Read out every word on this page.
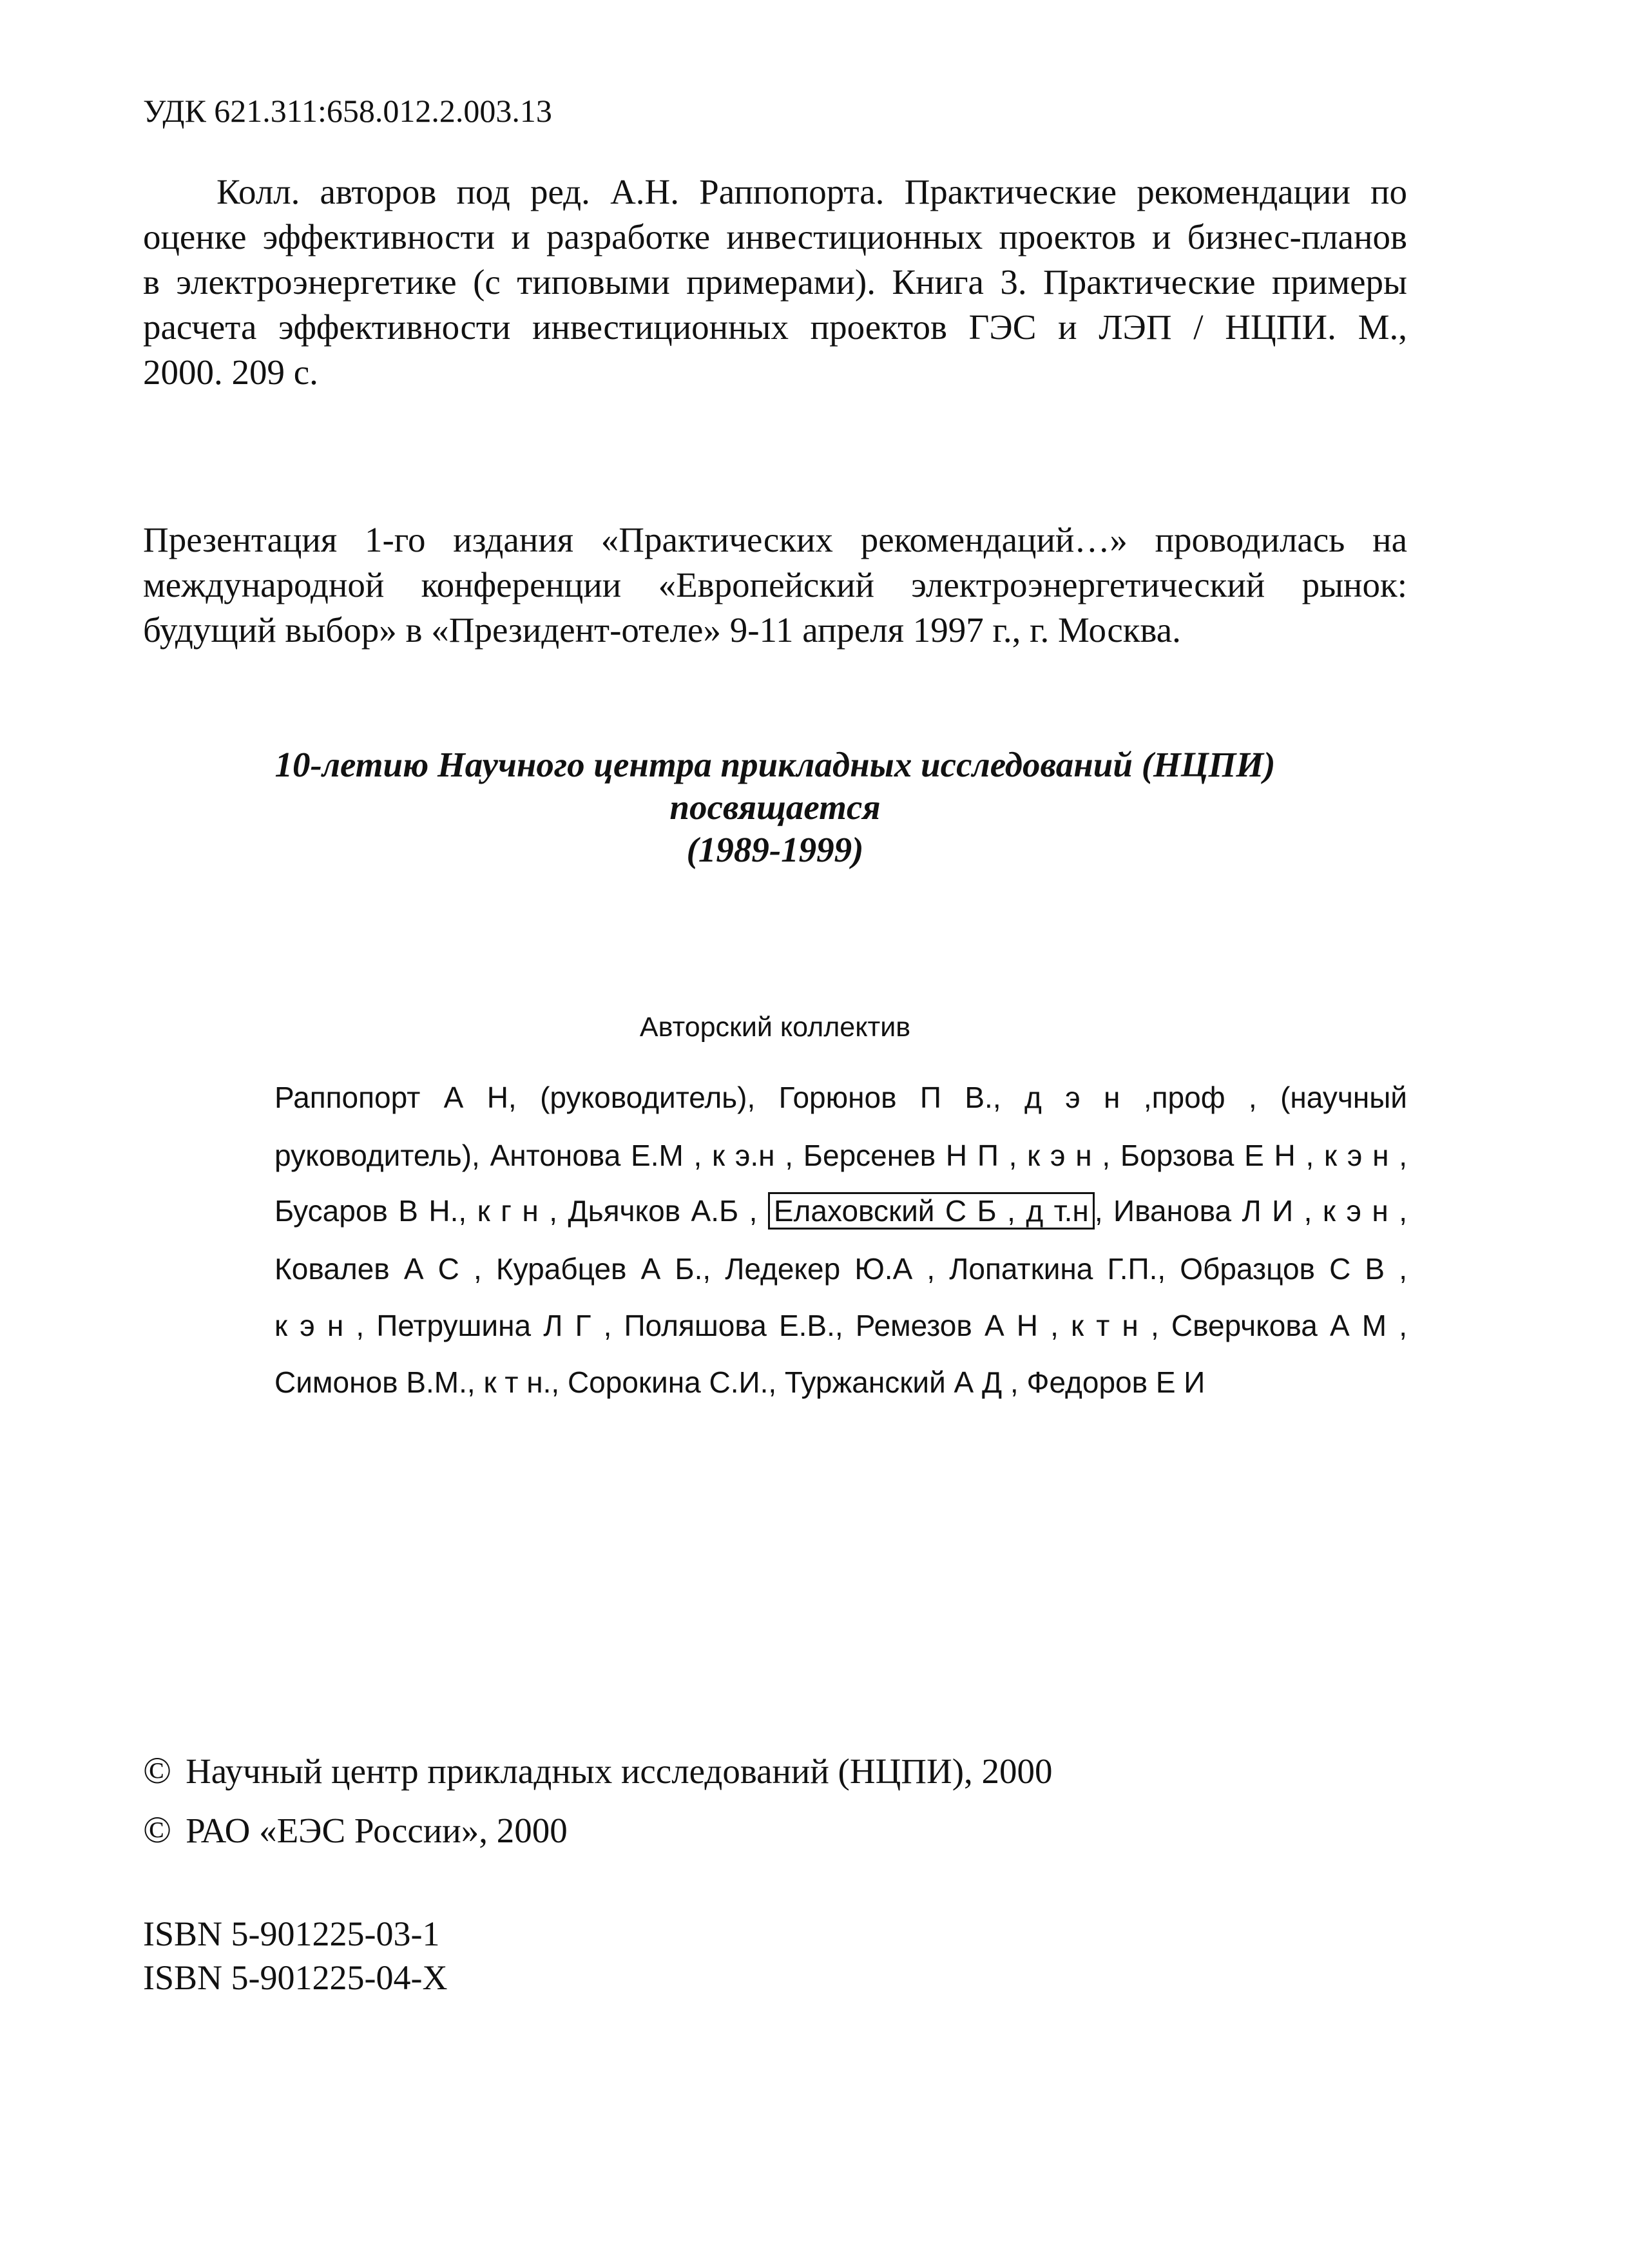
УДК 621.311:658.012.2.003.13
Колл. авторов под ред. А.Н. Раппопорта. Практические рекомендации по
оценке эффективности и разработке инвестиционных проектов и бизнес-планов
в электроэнергетике (с типовыми примерами). Книга 3. Практические примеры
расчета эффективности инвестиционных проектов ГЭС и ЛЭП / НЦПИ. М.,
2000. 209 с.
Презентация 1-го издания «Практических рекомендаций…» проводилась на
международной конференции «Европейский электроэнергетический рынок:
будущий выбор» в «Президент-отеле» 9-11 апреля 1997 г., г. Москва.
10-летию Научного центра прикладных исследований (НЦПИ)
посвящается
(1989-1999)
Авторский коллектив
Раппопорт А Н, (руководитель), Горюнов П В., д э н ,проф , (научный
руководитель), Антонова Е.М , к э.н , Берсенев Н П , к э н , Борзова Е Н , к э н ,
Бусаров В Н., к г н , Дьячков А.Б , Елаховский С Б , д т.н , Иванова Л И , к э н ,
Ковалев А С , Курабцев А Б., Ледекер Ю.А , Лопаткина Г.П., Образцов С В ,
к э н , Петрушина Л Г , Поляшова Е.В., Ремезов А Н , к т н , Сверчкова А М ,
Симонов В.М., к т н., Сорокина С.И., Туржанский А Д , Федоров Е И
© Научный центр прикладных исследований (НЦПИ), 2000
© РАО «ЕЭС России», 2000
ISBN 5-901225-03-1
ISBN 5-901225-04-X
